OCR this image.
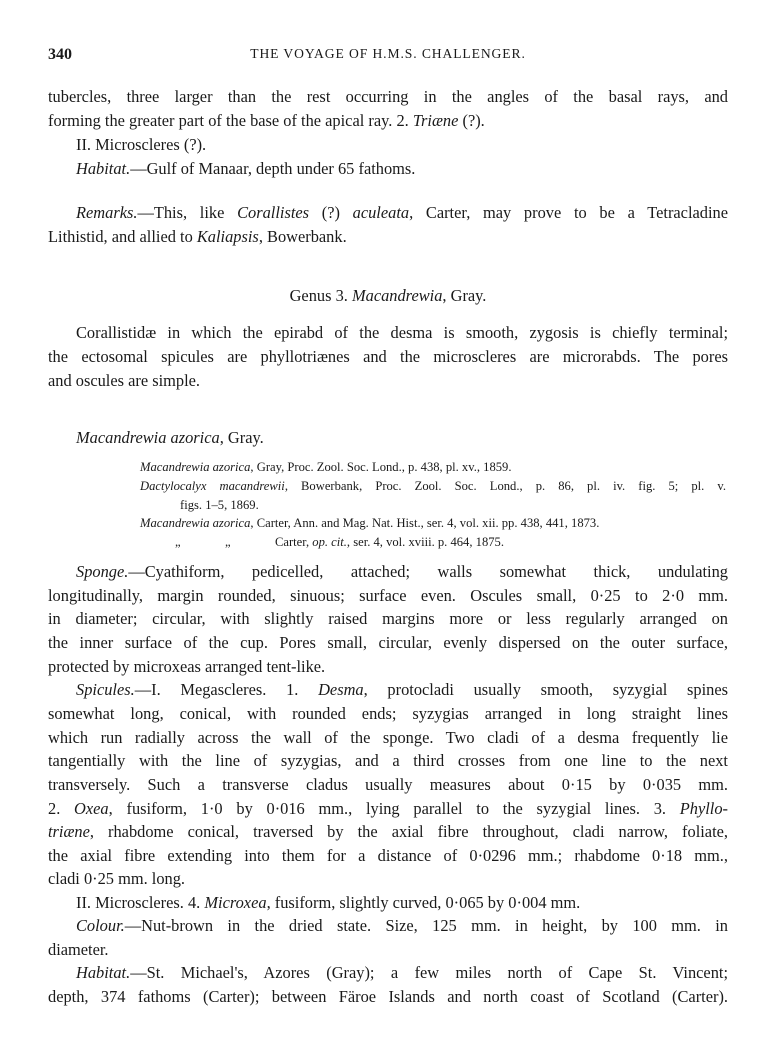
340	THE VOYAGE OF H.M.S. CHALLENGER.
tubercles, three larger than the rest occurring in the angles of the basal rays, and
forming the greater part of the base of the apical ray. 2. Triæne (?).
II. Microscleres (?).
Habitat.—Gulf of Manaar, depth under 65 fathoms.
Remarks.—This, like Corallistes (?) aculeata, Carter, may prove to be a Tetracladine
Lithistid, and allied to Kaliapsis, Bowerbank.
Genus 3. Macandrewia, Gray.
Corallistidæ in which the epirabd of the desma is smooth, zygosis is chiefly terminal;
the ectosomal spicules are phyllotriænes and the microscleres are microrabds. The pores
and oscules are simple.
Macandrewia azorica, Gray.
Macandrewia azorica, Gray, Proc. Zool. Soc. Lond., p. 438, pl. xv., 1859.
Dactylocalyx macandrewii, Bowerbank, Proc. Zool. Soc. Lond., p. 86, pl. iv. fig. 5; pl. v.
figs. 1–5, 1869.
Macandrewia azorica, Carter, Ann. and Mag. Nat. Hist., ser. 4, vol. xii. pp. 438, 441, 1873.
„	„	Carter, op. cit., ser. 4, vol. xviii. p. 464, 1875.
Sponge.—Cyathiform, pedicelled, attached; walls somewhat thick, undulating
longitudinally, margin rounded, sinuous; surface even. Oscules small, 0·25 to 2·0 mm.
in diameter; circular, with slightly raised margins more or less regularly arranged on
the inner surface of the cup. Pores small, circular, evenly dispersed on the outer surface,
protected by microxeas arranged tent-like.
Spicules.—I. Megascleres. 1. Desma, protocladi usually smooth, syzygial spines
somewhat long, conical, with rounded ends; syzygias arranged in long straight lines
which run radially across the wall of the sponge. Two cladi of a desma frequently lie
tangentially with the line of syzygias, and a third crosses from one line to the next
transversely. Such a transverse cladus usually measures about 0·15 by 0·035 mm.
2. Oxea, fusiform, 1·0 by 0·016 mm., lying parallel to the syzygial lines. 3. Phyllo-
triæne, rhabdome conical, traversed by the axial fibre throughout, cladi narrow, foliate,
the axial fibre extending into them for a distance of 0·0296 mm.; rhabdome 0·18 mm.,
cladi 0·25 mm. long.
II. Microscleres. 4. Microxea, fusiform, slightly curved, 0·065 by 0·004 mm.
Colour.—Nut-brown in the dried state. Size, 125 mm. in height, by 100 mm. in
diameter.
Habitat.—St. Michael's, Azores (Gray); a few miles north of Cape St. Vincent;
depth, 374 fathoms (Carter); between Färoe Islands and north coast of Scotland (Carter).
